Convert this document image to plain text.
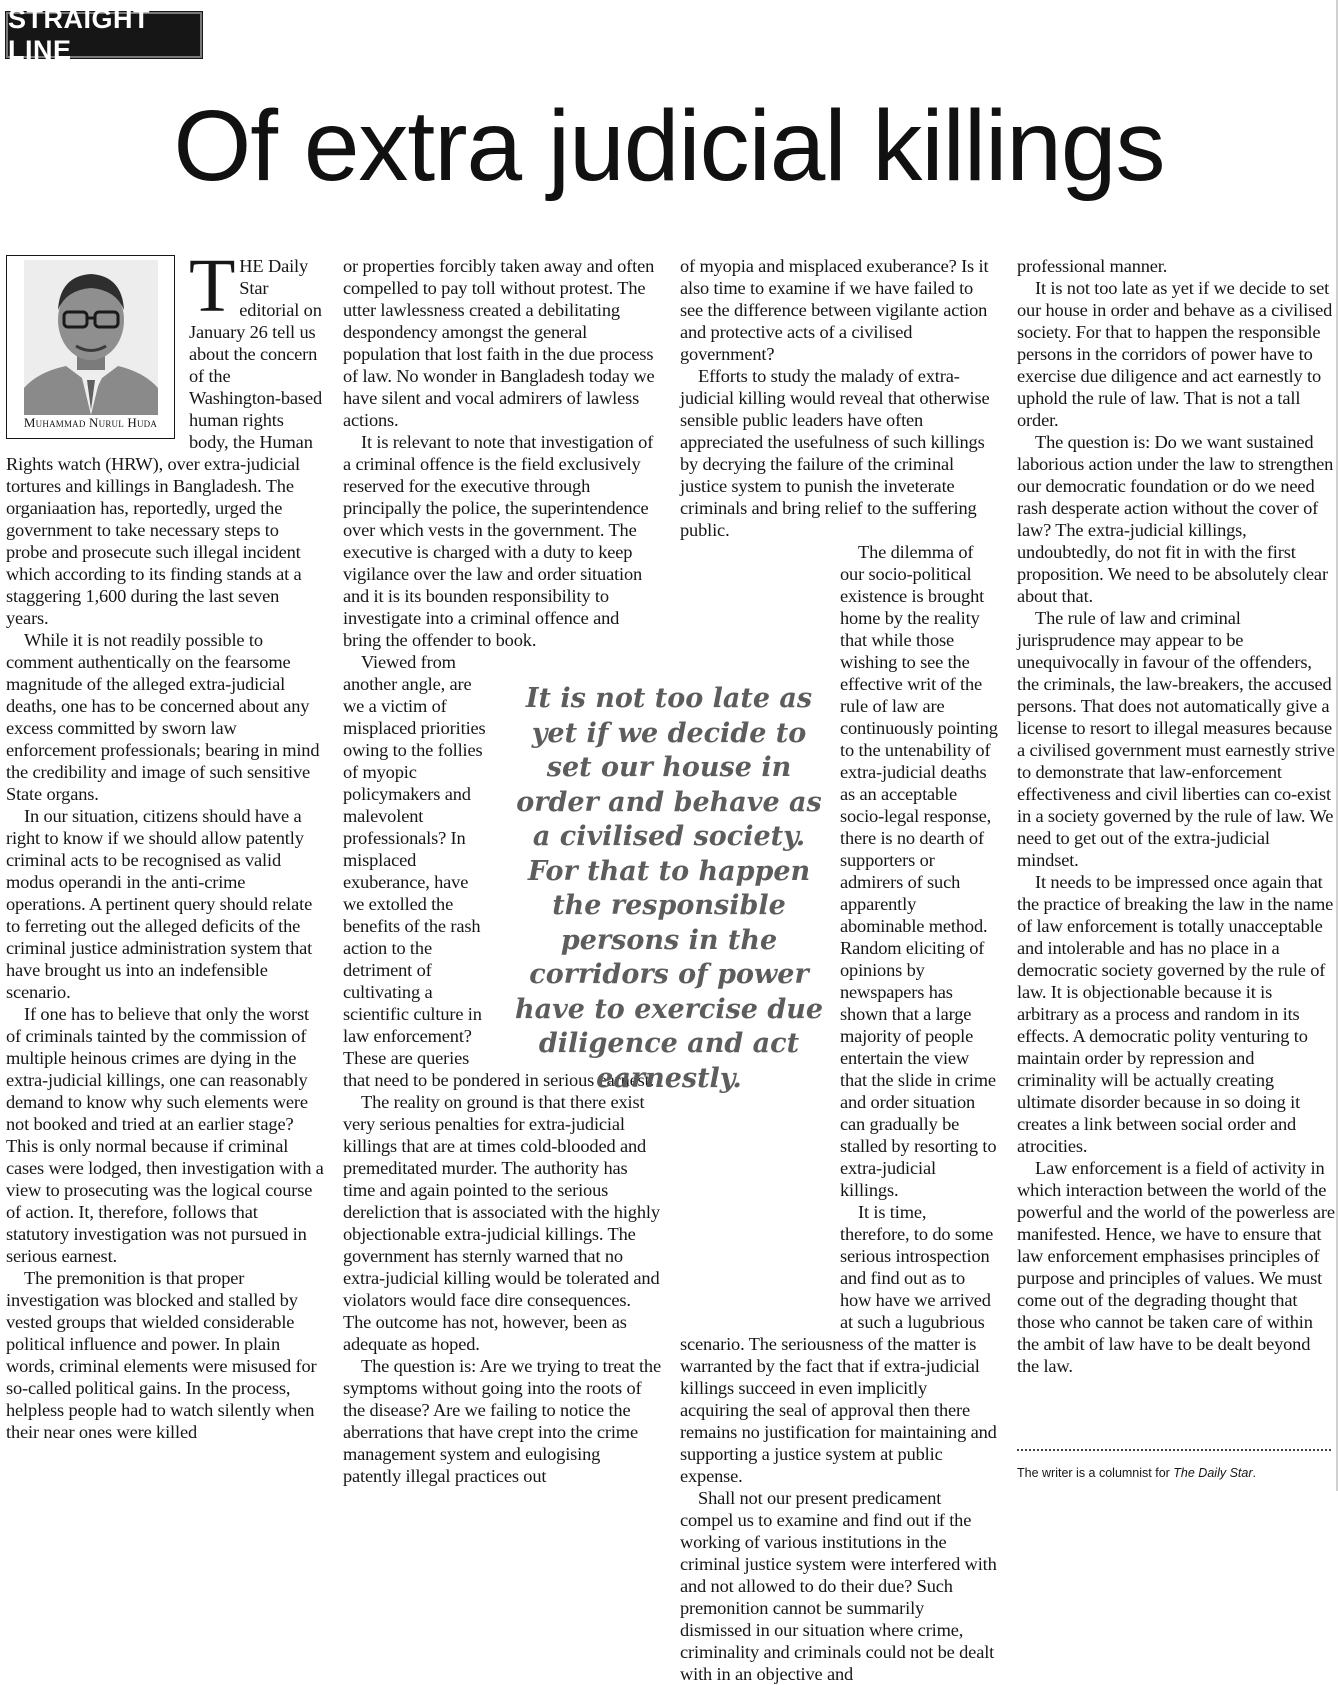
STRAIGHT LINE
Of extra judicial killings
Muhammad Nurul Huda

THE Daily Star editorial on January 26 tell us about the concern of the Washington-based human rights body, the Human Rights watch (HRW), over extra-judicial tortures and killings in Bangladesh. The organiaation has, reportedly, urged the government to take necessary steps to probe and prosecute such illegal incident which according to its finding stands at a staggering 1,600 during the last seven years.

While it is not readily possible to comment authentically on the fearsome magnitude of the alleged extra-judicial deaths, one has to be concerned about any excess committed by sworn law enforcement professionals; bearing in mind the credibility and image of such sensitive State organs.

In our situation, citizens should have a right to know if we should allow patently criminal acts to be recognised as valid modus operandi in the anti-crime operations. A pertinent query should relate to ferreting out the alleged deficits of the criminal justice administration system that have brought us into an indefensible scenario.

If one has to believe that only the worst of criminals tainted by the commission of multiple heinous crimes are dying in the extra-judicial killings, one can reasonably demand to know why such elements were not booked and tried at an earlier stage? This is only normal because if criminal cases were lodged, then investigation with a view to prosecuting was the logical course of action. It, therefore, follows that statutory investigation was not pursued in serious earnest.

The premonition is that proper investigation was blocked and stalled by vested groups that wielded considerable political influence and power. In plain words, criminal elements were misused for so-called political gains. In the process, helpless people had to watch silently when their near ones were killed

or properties forcibly taken away and often compelled to pay toll without protest. The utter lawlessness created a debilitating despondency amongst the general population that lost faith in the due process of law. No wonder in Bangladesh today we have silent and vocal admirers of lawless actions.

It is relevant to note that investigation of a criminal offence is the field exclusively reserved for the executive through principally the police, the superintendence over which vests in the government. The executive is charged with a duty to keep vigilance over the law and order situation and it is its bounden responsibility to investigate into a criminal offence and bring the offender to book.

Viewed from another angle, are we a victim of misplaced priorities owing to the follies of myopic policymakers and malevolent professionals? In misplaced exuberance, have we extolled the benefits of the rash action to the detriment of cultivating a scientific culture in law enforcement? These are queries that need to be pondered in serious earnest.

The reality on ground is that there exist very serious penalties for extra-judicial killings that are at times cold-blooded and premeditated murder. The authority has time and again pointed to the serious dereliction that is associated with the highly objectionable extra-judicial killings. The government has sternly warned that no extra-judicial killing would be tolerated and violators would face dire consequences. The outcome has not, however, been as adequate as hoped.

The question is: Are we trying to treat the symptoms without going into the roots of the disease? Are we failing to notice the aberrations that have crept into the crime management system and eulogising patently illegal practices out

of myopia and misplaced exuberance? Is it also time to examine if we have failed to see the difference between vigilante action and protective acts of a civilised government?

Efforts to study the malady of extra-judicial killing would reveal that otherwise sensible public leaders have often appreciated the usefulness of such killings by decrying the failure of the criminal justice system to punish the inveterate criminals and bring relief to the suffering public.

The dilemma of our socio-political existence is brought home by the reality that while those wishing to see the effective writ of the rule of law are continuously pointing to the untenability of extra-judicial deaths as an acceptable socio-legal response, there is no dearth of supporters or admirers of such apparently abominable method. Random eliciting of opinions by newspapers has shown that a large majority of people entertain the view that the slide in crime and order situation can gradually be stalled by resorting to extra-judicial killings.

It is time, therefore, to do some serious introspection and find out as to how have we arrived at such a lugubrious scenario. The seriousness of the matter is warranted by the fact that if extra-judicial killings succeed in even implicitly acquiring the seal of approval then there remains no justification for maintaining and supporting a justice system at public expense.

Shall not our present predicament compel us to examine and find out if the working of various institutions in the criminal justice system were interfered with and not allowed to do their due? Such premonition cannot be summarily dismissed in our situation where crime, criminality and criminals could not be dealt with in an objective and

professional manner.

It is not too late as yet if we decide to set our house in order and behave as a civilised society. For that to happen the responsible persons in the corridors of power have to exercise due diligence and act earnestly to uphold the rule of law. That is not a tall order.

The question is: Do we want sustained laborious action under the law to strengthen our democratic foundation or do we need rash desperate action without the cover of law? The extra-judicial killings, undoubtedly, do not fit in with the first proposition. We need to be absolutely clear about that.

The rule of law and criminal jurisprudence may appear to be unequivocally in favour of the offenders, the criminals, the law-breakers, the accused persons. That does not automatically give a license to resort to illegal measures because a civilised government must earnestly strive to demonstrate that law-enforcement effectiveness and civil liberties can co-exist in a society governed by the rule of law. We need to get out of the extra-judicial mindset.

It needs to be impressed once again that the practice of breaking the law in the name of law enforcement is totally unacceptable and intolerable and has no place in a democratic society governed by the rule of law. It is objectionable because it is arbitrary as a process and random in its effects. A democratic polity venturing to maintain order by repression and criminality will be actually creating ultimate disorder because in so doing it creates a link between social order and atrocities.

Law enforcement is a field of activity in which interaction between the world of the powerful and the world of the powerless are manifested. Hence, we have to ensure that law enforcement emphasises principles of purpose and principles of values. We must come out of the degrading thought that those who cannot be taken care of within the ambit of law have to be dealt beyond the law.

It is not too late as yet if we decide to set our house in order and behave as a civilised society. For that to happen the responsible persons in the corridors of power have to exercise due diligence and act earnestly.
The writer is a columnist for The Daily Star.
